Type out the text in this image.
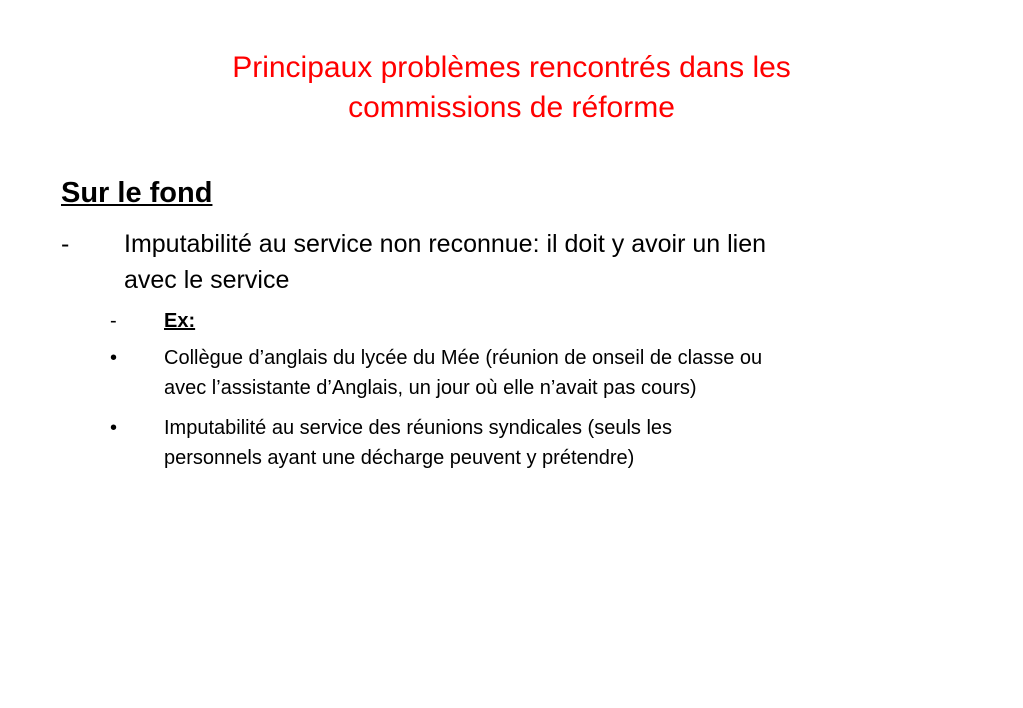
Principaux problèmes rencontrés dans les
commissions de réforme
Sur le fond
- Imputabilité au service non reconnue: il doit y avoir un lien
avec le service
- Ex:
• Collègue d’anglais du lycée du Mée (réunion de onseil de classe ou
avec l’assistante d’Anglais, un jour où elle n’avait pas cours)
• Imputabilité au service des réunions syndicales (seuls les
personnels ayant une décharge peuvent y prétendre)
